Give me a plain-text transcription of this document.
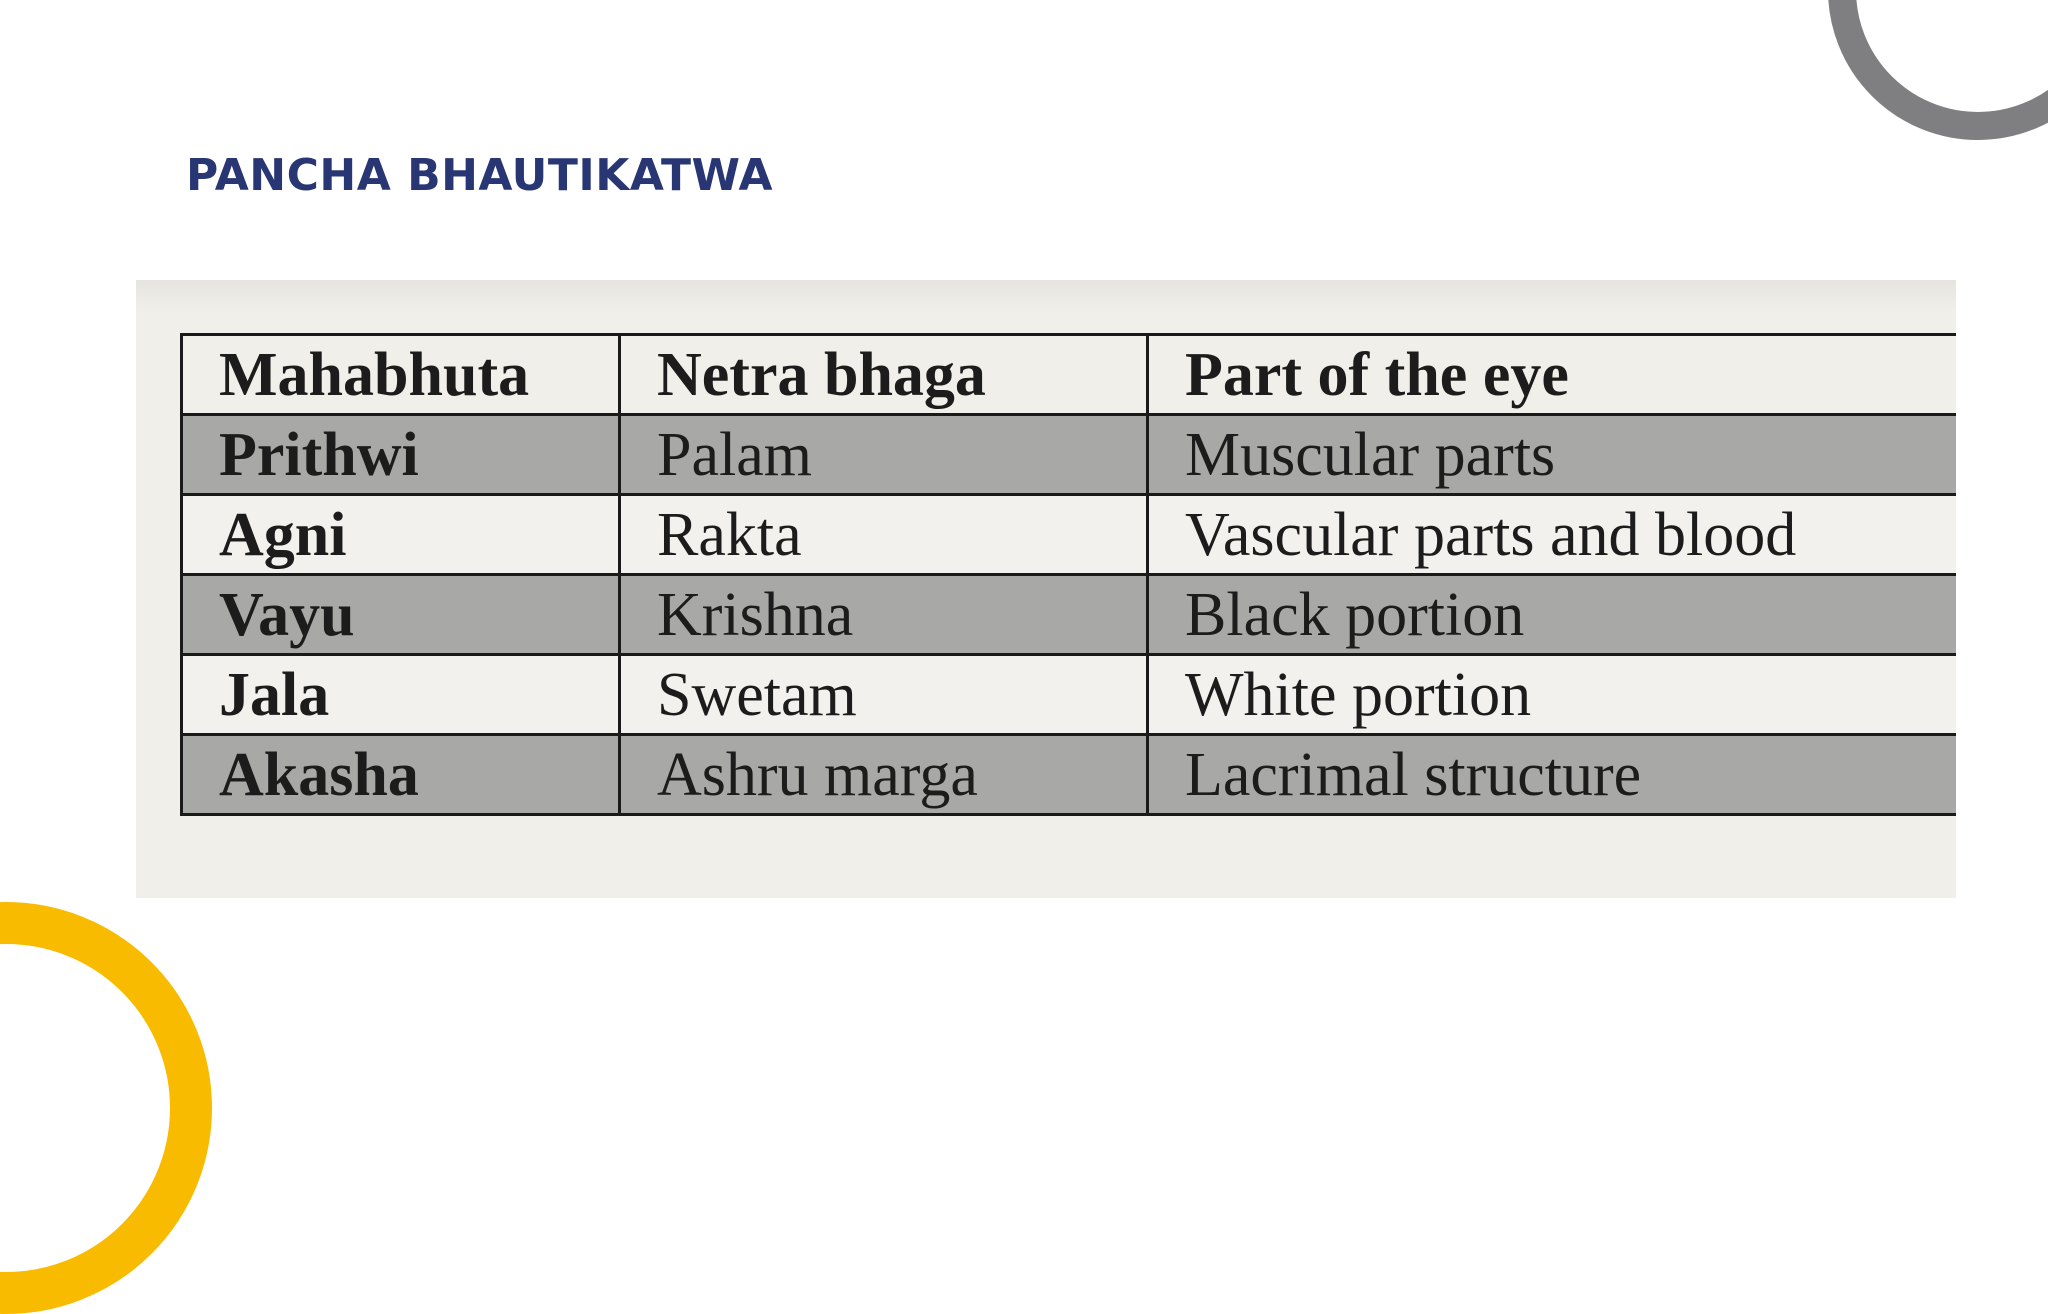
PANCHA BHAUTIKATWA
Mahabhuta	Netra bhaga	Part of the eye
Prithwi	Palam	Muscular parts
Agni	Rakta	Vascular parts and blood
Vayu	Krishna	Black portion
Jala	Swetam	White portion
Akasha	Ashru marga	Lacrimal structure
